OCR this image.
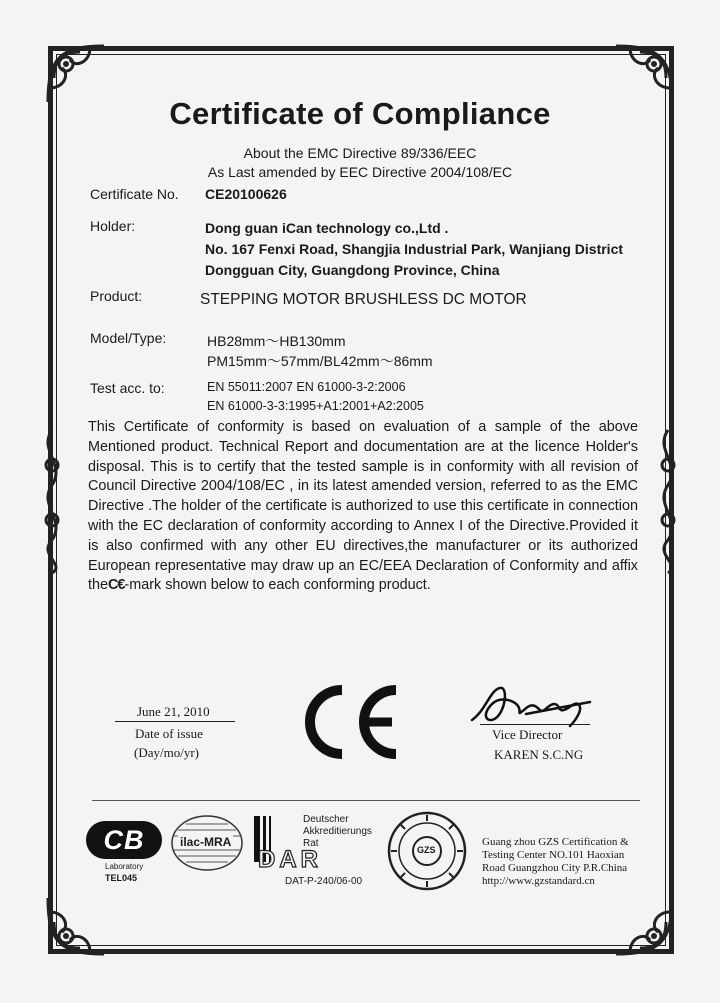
Certificate of Compliance
About the EMC Directive 89/336/EEC
As Last amended by EEC Directive 2004/108/EC
Certificate No. CE20100626
Holder:	Dong guan iCan technology co.,Ltd .
No. 167 Fenxi Road, Shangjia Industrial Park, Wanjiang District
Dongguan City, Guangdong Province, China
Product:	STEPPING MOTOR BRUSHLESS DC MOTOR
Model/Type:	HB28mm～HB130mm
PM15mm～57mm/BL42mm～86mm
Test acc. to:	EN 55011:2007 EN 61000-3-2:2006
EN 61000-3-3:1995+A1:2001+A2:2005
This Certificate of conformity is based on evaluation of a sample of the above Mentioned product. Technical Report and documentation are at the licence Holder's disposal. This is to certify that the tested sample is in conformity with all revision of Council Directive 2004/108/EC , in its latest amended version, referred to as the EMC Directive .The holder of the certificate is authorized to use this certificate in connection with the EC declaration of conformity according to Annex I of the Directive.Provided it is also confirmed with any other EU directives,the manufacturer or its authorized European representative may draw up an EC/EEA Declaration of Conformity and affix theC€-mark shown below to each conforming product.
June 21, 2010
Date of issue
(Day/mo/yr)
Vice Director
KAREN S.C.NG
CB
Laboratory
TEL045
ilac-MRA
Deutscher
Akkreditierungs
Rat
DAR
DAT-P-240/06-00
GZS
Guang zhou GZS Certification &
Testing Center NO.101 Haoxian
Road Guangzhou City P.R.China
http://www.gzstandard.cn
